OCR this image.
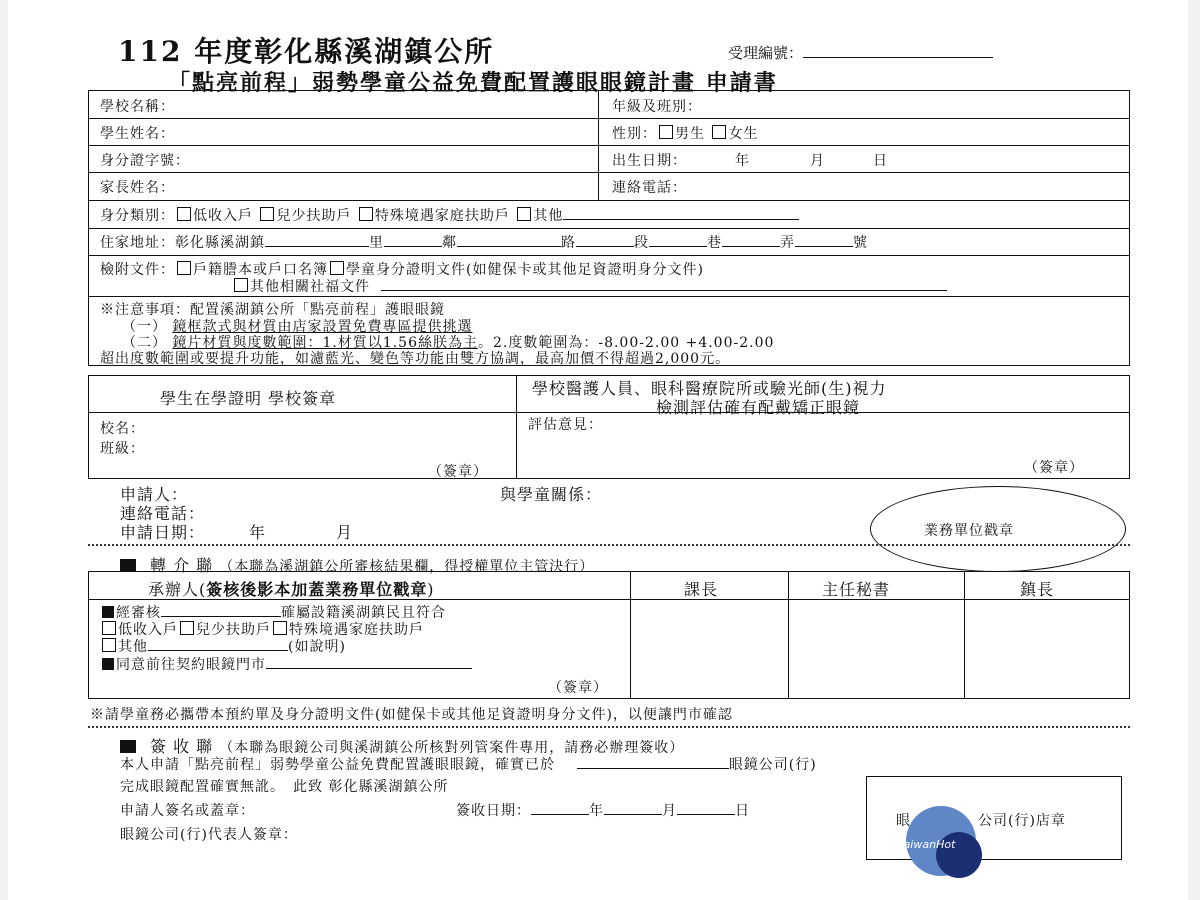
112 年度彰化縣溪湖鎮公所	受理編號：
「點亮前程」弱勢學童公益免費配置護眼眼鏡計畫 申請書
學校名稱：	年級及班別：
學生姓名：	性別： 男生 女生
身分證字號：	出生日期：	年	月	日
家長姓名：	連絡電話：
身分類別： 低收入戶 兒少扶助戶 特殊境遇家庭扶助戶 其他
住家地址：彰化縣溪湖鎮	里	鄰	路	段	巷	弄	號
檢附文件： 戶籍謄本或戶口名簿 學童身分證明文件(如健保卡或其他足資證明身分文件)
其他相關社福文件
※注意事項：配置溪湖鎮公所「點亮前程」護眼眼鏡
（一） 鏡框款式與材質由店家設置免費專區提供挑選
（二） 鏡片材質與度數範圍：1.材質以1.56絲朕為主。2.度數範圍為：-8.00-2.00 +4.00-2.00
超出度數範圍或要提升功能，如濾藍光、變色等功能由雙方協調，最高加價不得超過2,000元。
學生在學證明 學校簽章
學校醫護人員、眼科醫療院所或驗光師(生)視力
檢測評估確有配戴矯正眼鏡
校名：
班級：
（簽章）
評估意見：
（簽章）
申請人：	與學童關係：
連絡電話：
申請日期：	年	月	業務單位戳章
轉 介 聯 （本聯為溪湖鎮公所審核結果欄，得授權單位主管決行）
承辦人(簽核後影本加蓋業務單位戳章)	課長	主任秘書	鎮長
經審核	確屬設籍溪湖鎮民且符合
低收入戶 兒少扶助戶 特殊境遇家庭扶助戶
其他	(如說明)
同意前往契約眼鏡門市
（簽章）
※請學童務必攜帶本預約單及身分證明文件(如健保卡或其他足資證明身分文件)，以便讓門市確認
簽 收 聯 （本聯為眼鏡公司與溪湖鎮公所核對列管案件專用，請務必辦理簽收）
本人申請「點亮前程」弱勢學童公益免費配置護眼眼鏡，確實已於	眼鏡公司(行)
完成眼鏡配置確實無訛。　此致 彰化縣溪湖鎮公所
申請人簽名或蓋章：	簽收日期：	年	月	日
眼鏡公司(行)代表人簽章：
眼	公司(行)店章
TaiwanHot
